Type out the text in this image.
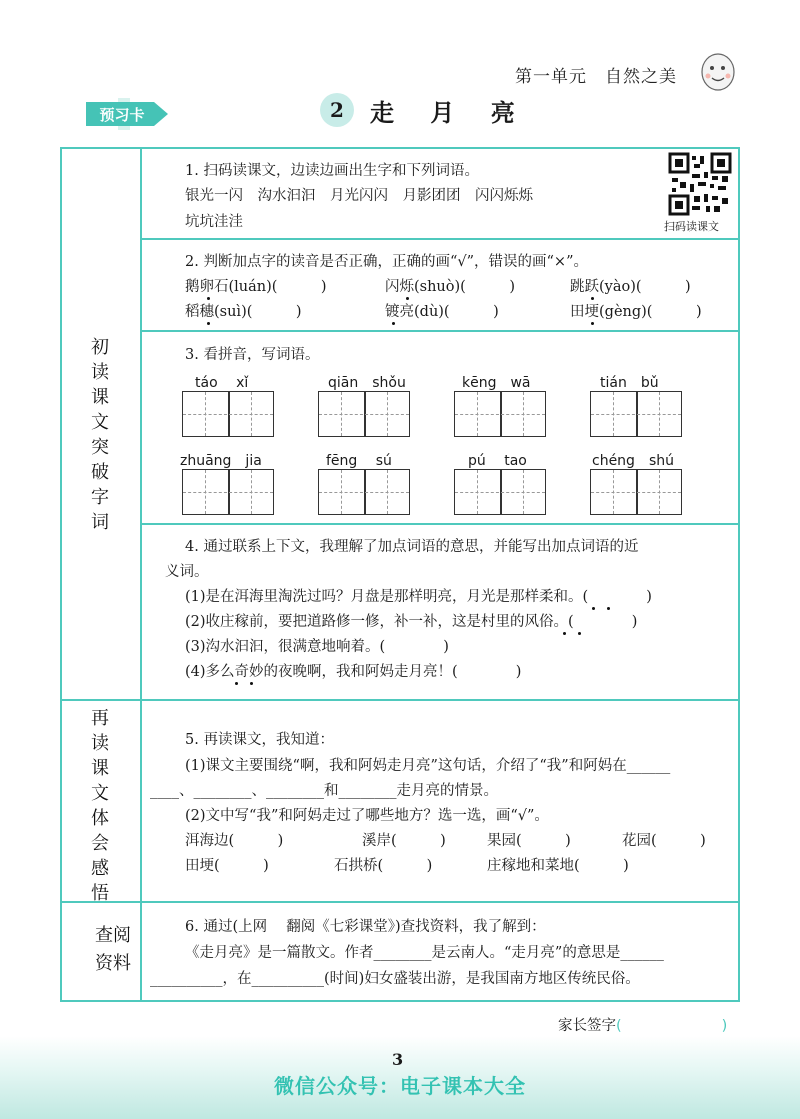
第一单元　自然之美
预习卡	2	走 月 亮
初读课文　突破字词
再读课文　体会感悟
查阅资料
1. 扫码读课文，边读边画出生字和下列词语。
银光一闪　沟水汩汩　月光闪闪　月影团团　闪闪烁烁
坑坑洼洼	扫码读课文
2. 判断加点字的读音是否正确，正确的画“√”，错误的画“×”。
鹅卵石(luán)(　　　)	闪烁(shuò)(　　　)	跳跃(yào)(　　　)
稻穗(suì)(　　　)	镀亮(dù)(　　　)	田埂(gèng)(　　　)
3. 看拼音，写词语。
táo　 xǐ	qiān　shǒu	kēng　wā	tián　bǔ
zhuāng　jia	fēng　 sú	pú　 tao	chéng　shú
4. 通过联系上下文，我理解了加点词语的意思，并能写出加点词语的近
义词。
(1)是在洱海里淘洗过吗？月盘是那样明亮，月光是那样柔和。(　　　　)
(2)收庄稼前，要把道路修一修，补一补，这是村里的风俗。(　　　　)
(3)沟水汩汩，很满意地响着。(　　　　)
(4)多么奇妙的夜晚啊，我和阿妈走月亮！(　　　　)
5. 再读课文，我知道：
(1)课文主要围绕“啊，我和阿妈走月亮”这句话，介绍了“我”和阿妈在______
____、________、________和________走月亮的情景。
(2)文中写“我”和阿妈走过了哪些地方？选一选，画“√”。
洱海边(　　　)	溪岸(　　　)	果园(　　　)	花园(　　　)
田埂(　　　)	石拱桥(　　　)	庄稼地和菜地(　　　)
6. 通过(上网　 翻阅《七彩课堂》)查找资料，我了解到：
《走月亮》是一篇散文。作者________是云南人。“走月亮”的意思是______
__________，在__________(时间)妇女盛装出游，是我国南方地区传统民俗。
家长签字(	)
3
微信公众号：电子课本大全
